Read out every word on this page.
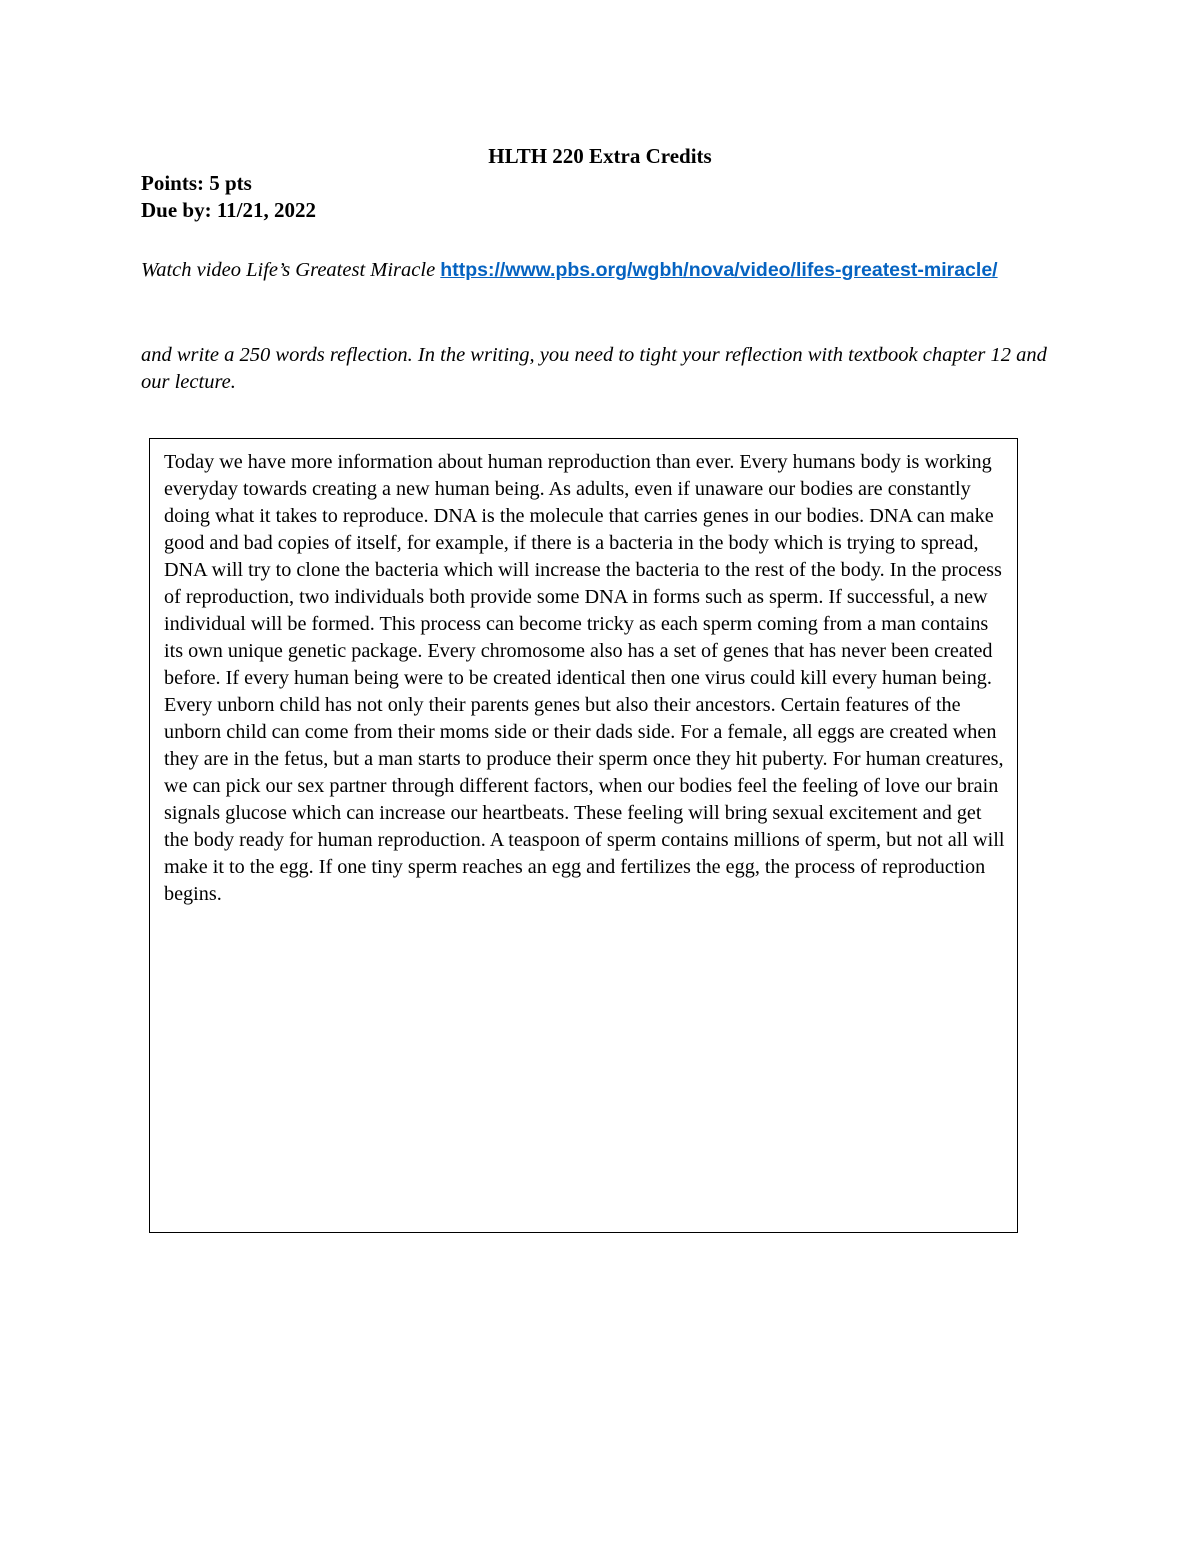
HLTH 220 Extra Credits
Points: 5 pts
Due by: 11/21, 2022
Watch video Life’s Greatest Miracle https://www.pbs.org/wgbh/nova/video/lifes-greatest-miracle/
and write a 250 words reflection. In the writing, you need to tight your reflection with textbook chapter 12 and our lecture.

Today we have more information about human reproduction than ever. Every humans body is working everyday towards creating a new human being. As adults, even if unaware our bodies are constantly doing what it takes to reproduce. DNA is the molecule that carries genes in our bodies. DNA can make good and bad copies of itself, for example, if there is a bacteria in the body which is trying to spread, DNA will try to clone the bacteria which will increase the bacteria to the rest of the body. In the process of reproduction, two individuals both provide some DNA in forms such as sperm. If successful, a new individual will be formed. This process can become tricky as each sperm coming from a man contains its own unique genetic package. Every chromosome also has a set of genes that has never been created before. If every human being were to be created identical then one virus could kill every human being. Every unborn child has not only their parents genes but also their ancestors. Certain features of the unborn child can come from their moms side or their dads side. For a female, all eggs are created when they are in the fetus, but a man starts to produce their sperm once they hit puberty. For human creatures, we can pick our sex partner through different factors, when our bodies feel the feeling of love our brain signals glucose which can increase our heartbeats. These feeling will bring sexual excitement and get the body ready for human reproduction. A teaspoon of sperm contains millions of sperm, but not all will make it to the egg. If one tiny sperm reaches an egg and fertilizes the egg, the process of reproduction begins.
